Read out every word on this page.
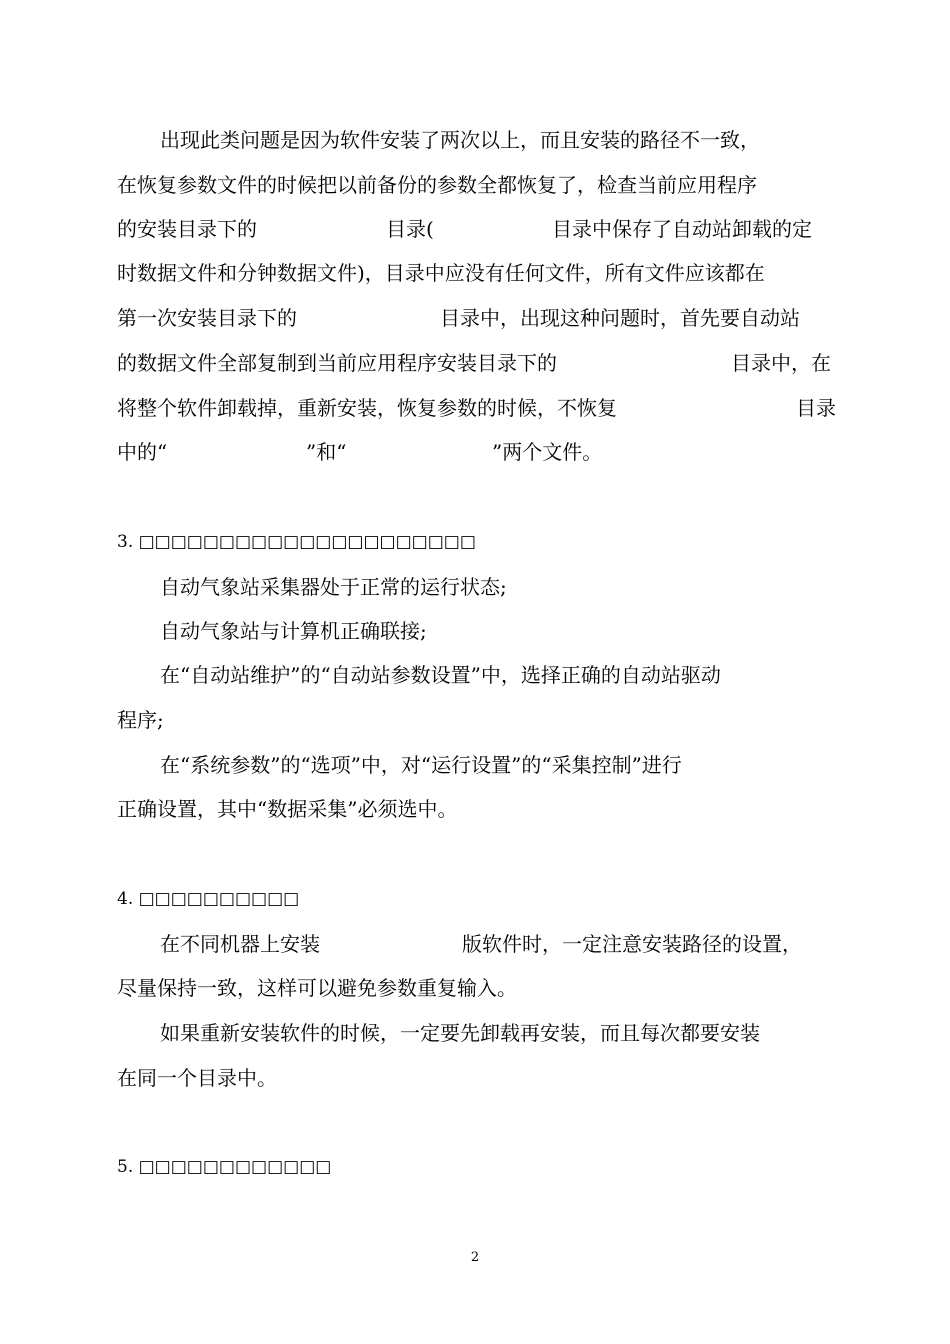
出现此类问题是因为软件安装了两次以上，而且安装的路径不一致，
在恢复参数文件的时候把以前备份的参数全都恢复了，检查当前应用程序
的安装目录下的	目录(	目录中保存了自动站卸载的定
时数据文件和分钟数据文件)，目录中应没有任何文件，所有文件应该都在
第一次安装目录下的	目录中，出现这种问题时，首先要自动站
的数据文件全部复制到当前应用程序安装目录下的	目录中，在
将整个软件卸载掉，重新安装，恢复参数的时候，不恢复	目录
中的“	”和“	”两个文件。
3. □□□□□□□□□□□□□□□□□□□□□
自动气象站采集器处于正常的运行状态;
自动气象站与计算机正确联接;
在“自动站维护”的“自动站参数设置”中，选择正确的自动站驱动
程序;
在“系统参数”的“选项”中，对“运行设置”的“采集控制”进行
正确设置，其中“数据采集”必须选中。
4. □□□□□□□□□□
在不同机器上安装	版软件时，一定注意安装路径的设置，
尽量保持一致，这样可以避免参数重复输入。
如果重新安装软件的时候，一定要先卸载再安装，而且每次都要安装
在同一个目录中。
5. □□□□□□□□□□□□
2
